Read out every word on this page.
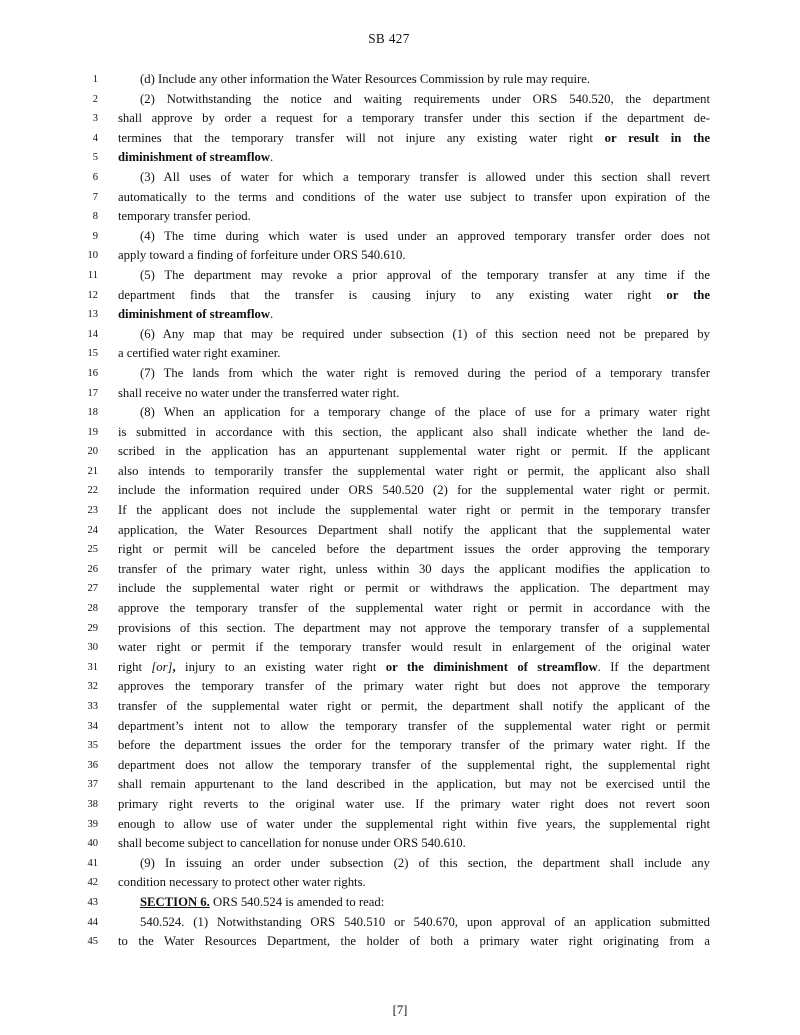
SB 427
1	(d) Include any other information the Water Resources Commission by rule may require.
2	(2) Notwithstanding the notice and waiting requirements under ORS 540.520, the department
3 shall approve by order a request for a temporary transfer under this section if the department de-
4 termines that the temporary transfer will not injure any existing water right or result in the
5 diminishment of streamflow.
6	(3) All uses of water for which a temporary transfer is allowed under this section shall revert
7 automatically to the terms and conditions of the water use subject to transfer upon expiration of the
8 temporary transfer period.
9	(4) The time during which water is used under an approved temporary transfer order does not
10 apply toward a finding of forfeiture under ORS 540.610.
11	(5) The department may revoke a prior approval of the temporary transfer at any time if the
12 department finds that the transfer is causing injury to any existing water right or the
13 diminishment of streamflow.
14	(6) Any map that may be required under subsection (1) of this section need not be prepared by
15 a certified water right examiner.
16	(7) The lands from which the water right is removed during the period of a temporary transfer
17 shall receive no water under the transferred water right.
18	(8) When an application for a temporary change of the place of use for a primary water right
19 is submitted in accordance with this section, the applicant also shall indicate whether the land de-
20 scribed in the application has an appurtenant supplemental water right or permit. If the applicant
21 also intends to temporarily transfer the supplemental water right or permit, the applicant also shall
22 include the information required under ORS 540.520 (2) for the supplemental water right or permit.
23 If the applicant does not include the supplemental water right or permit in the temporary transfer
24 application, the Water Resources Department shall notify the applicant that the supplemental water
25 right or permit will be canceled before the department issues the order approving the temporary
26 transfer of the primary water right, unless within 30 days the applicant modifies the application to
27 include the supplemental water right or permit or withdraws the application. The department may
28 approve the temporary transfer of the supplemental water right or permit in accordance with the
29 provisions of this section. The department may not approve the temporary transfer of a supplemental
30 water right or permit if the temporary transfer would result in enlargement of the original water
31 right [or], injury to an existing water right or the diminishment of streamflow. If the department
32 approves the temporary transfer of the primary water right but does not approve the temporary
33 transfer of the supplemental water right or permit, the department shall notify the applicant of the
34 department’s intent not to allow the temporary transfer of the supplemental water right or permit
35 before the department issues the order for the temporary transfer of the primary water right. If the
36 department does not allow the temporary transfer of the supplemental right, the supplemental right
37 shall remain appurtenant to the land described in the application, but may not be exercised until the
38 primary right reverts to the original water use. If the primary water right does not revert soon
39 enough to allow use of water under the supplemental right within five years, the supplemental right
40 shall become subject to cancellation for nonuse under ORS 540.610.
41	(9) In issuing an order under subsection (2) of this section, the department shall include any
42 condition necessary to protect other water rights.
43	SECTION 6. ORS 540.524 is amended to read:
44	540.524. (1) Notwithstanding ORS 540.510 or 540.670, upon approval of an application submitted
45 to the Water Resources Department, the holder of both a primary water right originating from a
[7]
